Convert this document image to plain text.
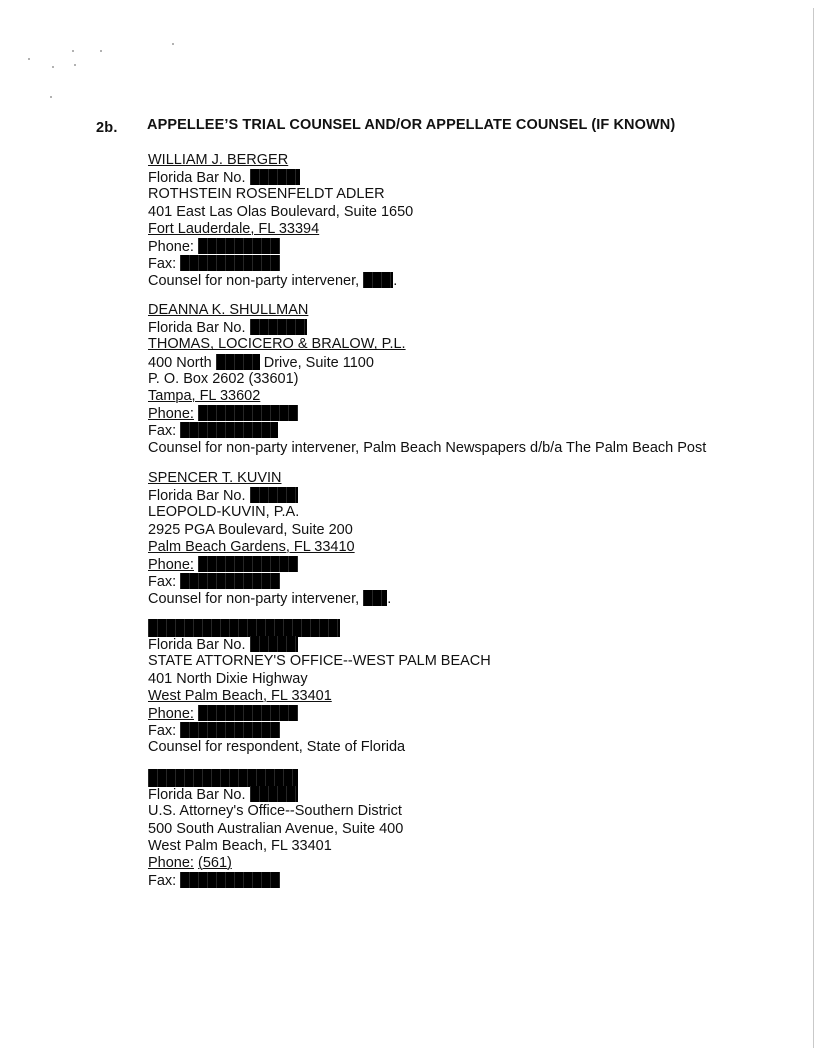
2b. APPELLEE’S TRIAL COUNSEL AND/OR APPELLATE COUNSEL (IF KNOWN)
WILLIAM J. BERGER
Florida Bar No.
ROTHSTEIN ROSENFELDT ADLER
401 East Las Olas Boulevard, Suite 1650
Fort Lauderdale, FL 33394
Phone:
Fax:
Counsel for non-party intervener, .
DEANNA K. SHULLMAN
Florida Bar No.
THOMAS, LOCICERO & BRALOW, P.L.
400 North	Drive, Suite 1100
P. O. Box 2602 (33601)
Tampa, FL 33602
Phone:
Fax:
Counsel for non-party intervener, Palm Beach Newspapers d/b/a The Palm Beach Post
SPENCER T. KUVIN
Florida Bar No.
LEOPOLD-KUVIN, P.A.
2925 PGA Boulevard, Suite 200
Palm Beach Gardens, FL 33410
Phone:
Fax:
Counsel for non-party intervener, .
Florida Bar No.
STATE ATTORNEY'S OFFICE--WEST PALM BEACH
401 North Dixie Highway
West Palm Beach, FL 33401
Phone:
Fax:
Counsel for respondent, State of Florida
Florida Bar No.
U.S. Attorney's Office--Southern District
500 South Australian Avenue, Suite 400
West Palm Beach, FL 33401
Phone: (561)
Fax:
